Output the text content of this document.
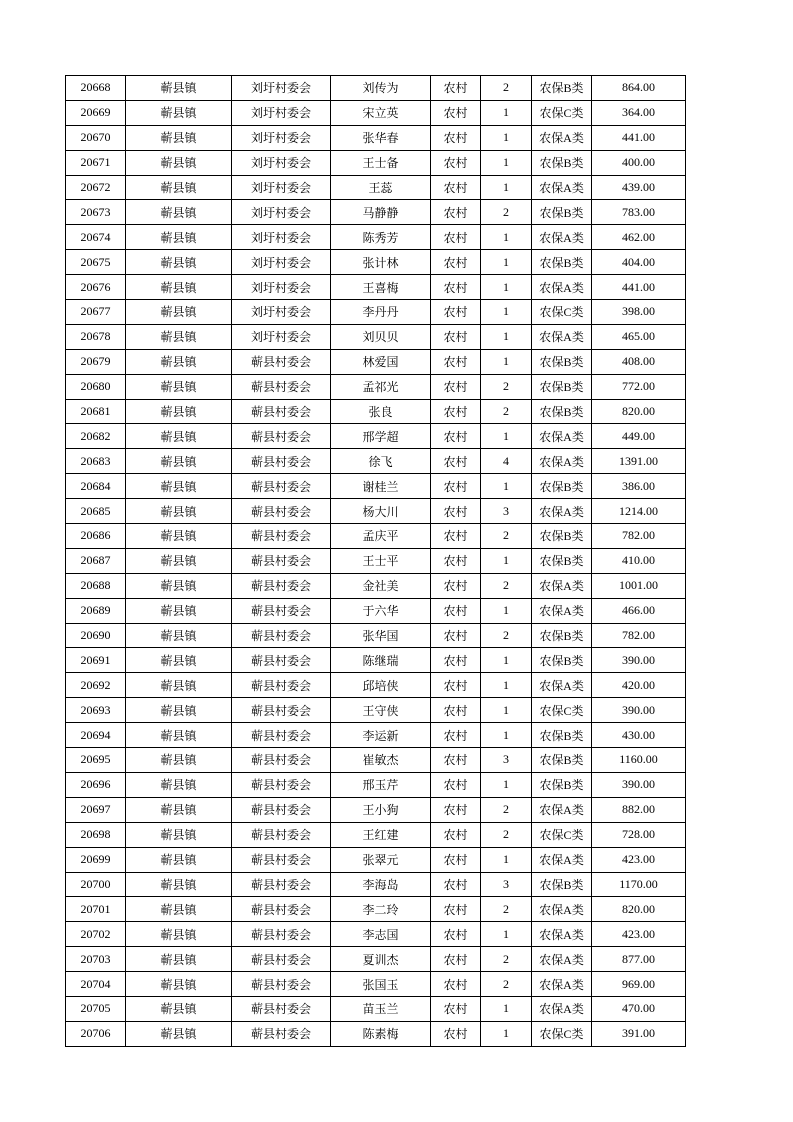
20668	蕲县镇	刘圩村委会	刘传为	农村	2	农保B类	864.00
20669	蕲县镇	刘圩村委会	宋立英	农村	1	农保C类	364.00
20670	蕲县镇	刘圩村委会	张华春	农村	1	农保A类	441.00
20671	蕲县镇	刘圩村委会	王士备	农村	1	农保B类	400.00
20672	蕲县镇	刘圩村委会	王蕊	农村	1	农保A类	439.00
20673	蕲县镇	刘圩村委会	马静静	农村	2	农保B类	783.00
20674	蕲县镇	刘圩村委会	陈秀芳	农村	1	农保A类	462.00
20675	蕲县镇	刘圩村委会	张计林	农村	1	农保B类	404.00
20676	蕲县镇	刘圩村委会	王喜梅	农村	1	农保A类	441.00
20677	蕲县镇	刘圩村委会	李丹丹	农村	1	农保C类	398.00
20678	蕲县镇	刘圩村委会	刘贝贝	农村	1	农保A类	465.00
20679	蕲县镇	蕲县村委会	林爱国	农村	1	农保B类	408.00
20680	蕲县镇	蕲县村委会	孟祁光	农村	2	农保B类	772.00
20681	蕲县镇	蕲县村委会	张良	农村	2	农保B类	820.00
20682	蕲县镇	蕲县村委会	邢学超	农村	1	农保A类	449.00
20683	蕲县镇	蕲县村委会	徐飞	农村	4	农保A类	1391.00
20684	蕲县镇	蕲县村委会	谢桂兰	农村	1	农保B类	386.00
20685	蕲县镇	蕲县村委会	杨大川	农村	3	农保A类	1214.00
20686	蕲县镇	蕲县村委会	孟庆平	农村	2	农保B类	782.00
20687	蕲县镇	蕲县村委会	王士平	农村	1	农保B类	410.00
20688	蕲县镇	蕲县村委会	金社美	农村	2	农保A类	1001.00
20689	蕲县镇	蕲县村委会	于六华	农村	1	农保A类	466.00
20690	蕲县镇	蕲县村委会	张华国	农村	2	农保B类	782.00
20691	蕲县镇	蕲县村委会	陈继瑞	农村	1	农保B类	390.00
20692	蕲县镇	蕲县村委会	邱培侠	农村	1	农保A类	420.00
20693	蕲县镇	蕲县村委会	王守侠	农村	1	农保C类	390.00
20694	蕲县镇	蕲县村委会	李运新	农村	1	农保B类	430.00
20695	蕲县镇	蕲县村委会	崔敏杰	农村	3	农保B类	1160.00
20696	蕲县镇	蕲县村委会	邢玉芹	农村	1	农保B类	390.00
20697	蕲县镇	蕲县村委会	王小狗	农村	2	农保A类	882.00
20698	蕲县镇	蕲县村委会	王红建	农村	2	农保C类	728.00
20699	蕲县镇	蕲县村委会	张翠元	农村	1	农保A类	423.00
20700	蕲县镇	蕲县村委会	李海岛	农村	3	农保B类	1170.00
20701	蕲县镇	蕲县村委会	李二玲	农村	2	农保A类	820.00
20702	蕲县镇	蕲县村委会	李志国	农村	1	农保A类	423.00
20703	蕲县镇	蕲县村委会	夏训杰	农村	2	农保A类	877.00
20704	蕲县镇	蕲县村委会	张国玉	农村	2	农保A类	969.00
20705	蕲县镇	蕲县村委会	苗玉兰	农村	1	农保A类	470.00
20706	蕲县镇	蕲县村委会	陈素梅	农村	1	农保C类	391.00
